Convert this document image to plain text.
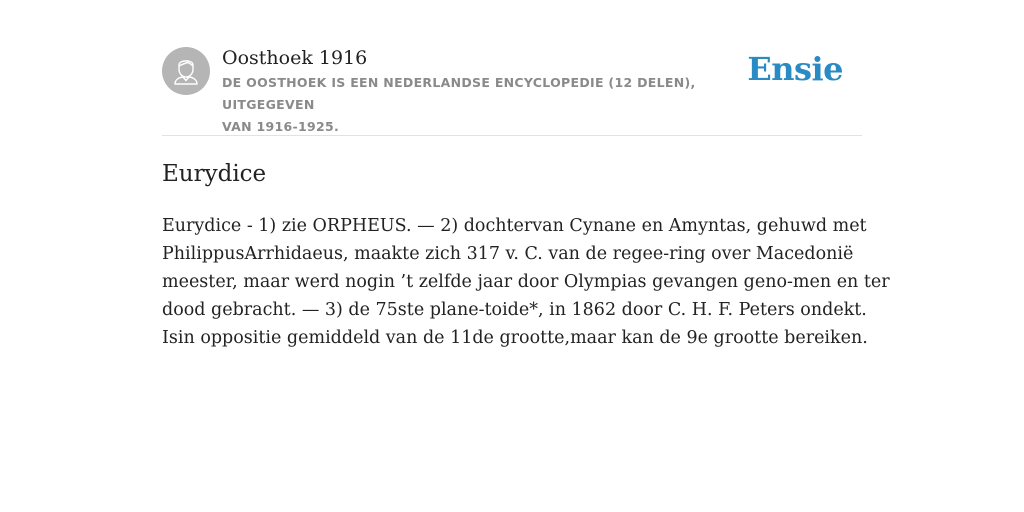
Oosthoek 1916
DE OOSTHOEK IS EEN NEDERLANDSE ENCYCLOPEDIE (12 DELEN), UITGEGEVEN
VAN 1916-1925.
Ensie
Eurydice
Eurydice - 1) zie ORPHEUS. — 2) dochtervan Cynane en Amyntas, gehuwd met
PhilippusArrhidaeus, maakte zich 317 v. C. van de regee-ring over Macedonië
meester, maar werd nogin ’t zelfde jaar door Olympias gevangen geno-men en ter
dood gebracht. — 3) de 75ste plane-toide*, in 1862 door C. H. F. Peters ondekt.
Isin oppositie gemiddeld van de 11de grootte,maar kan de 9e grootte bereiken.
